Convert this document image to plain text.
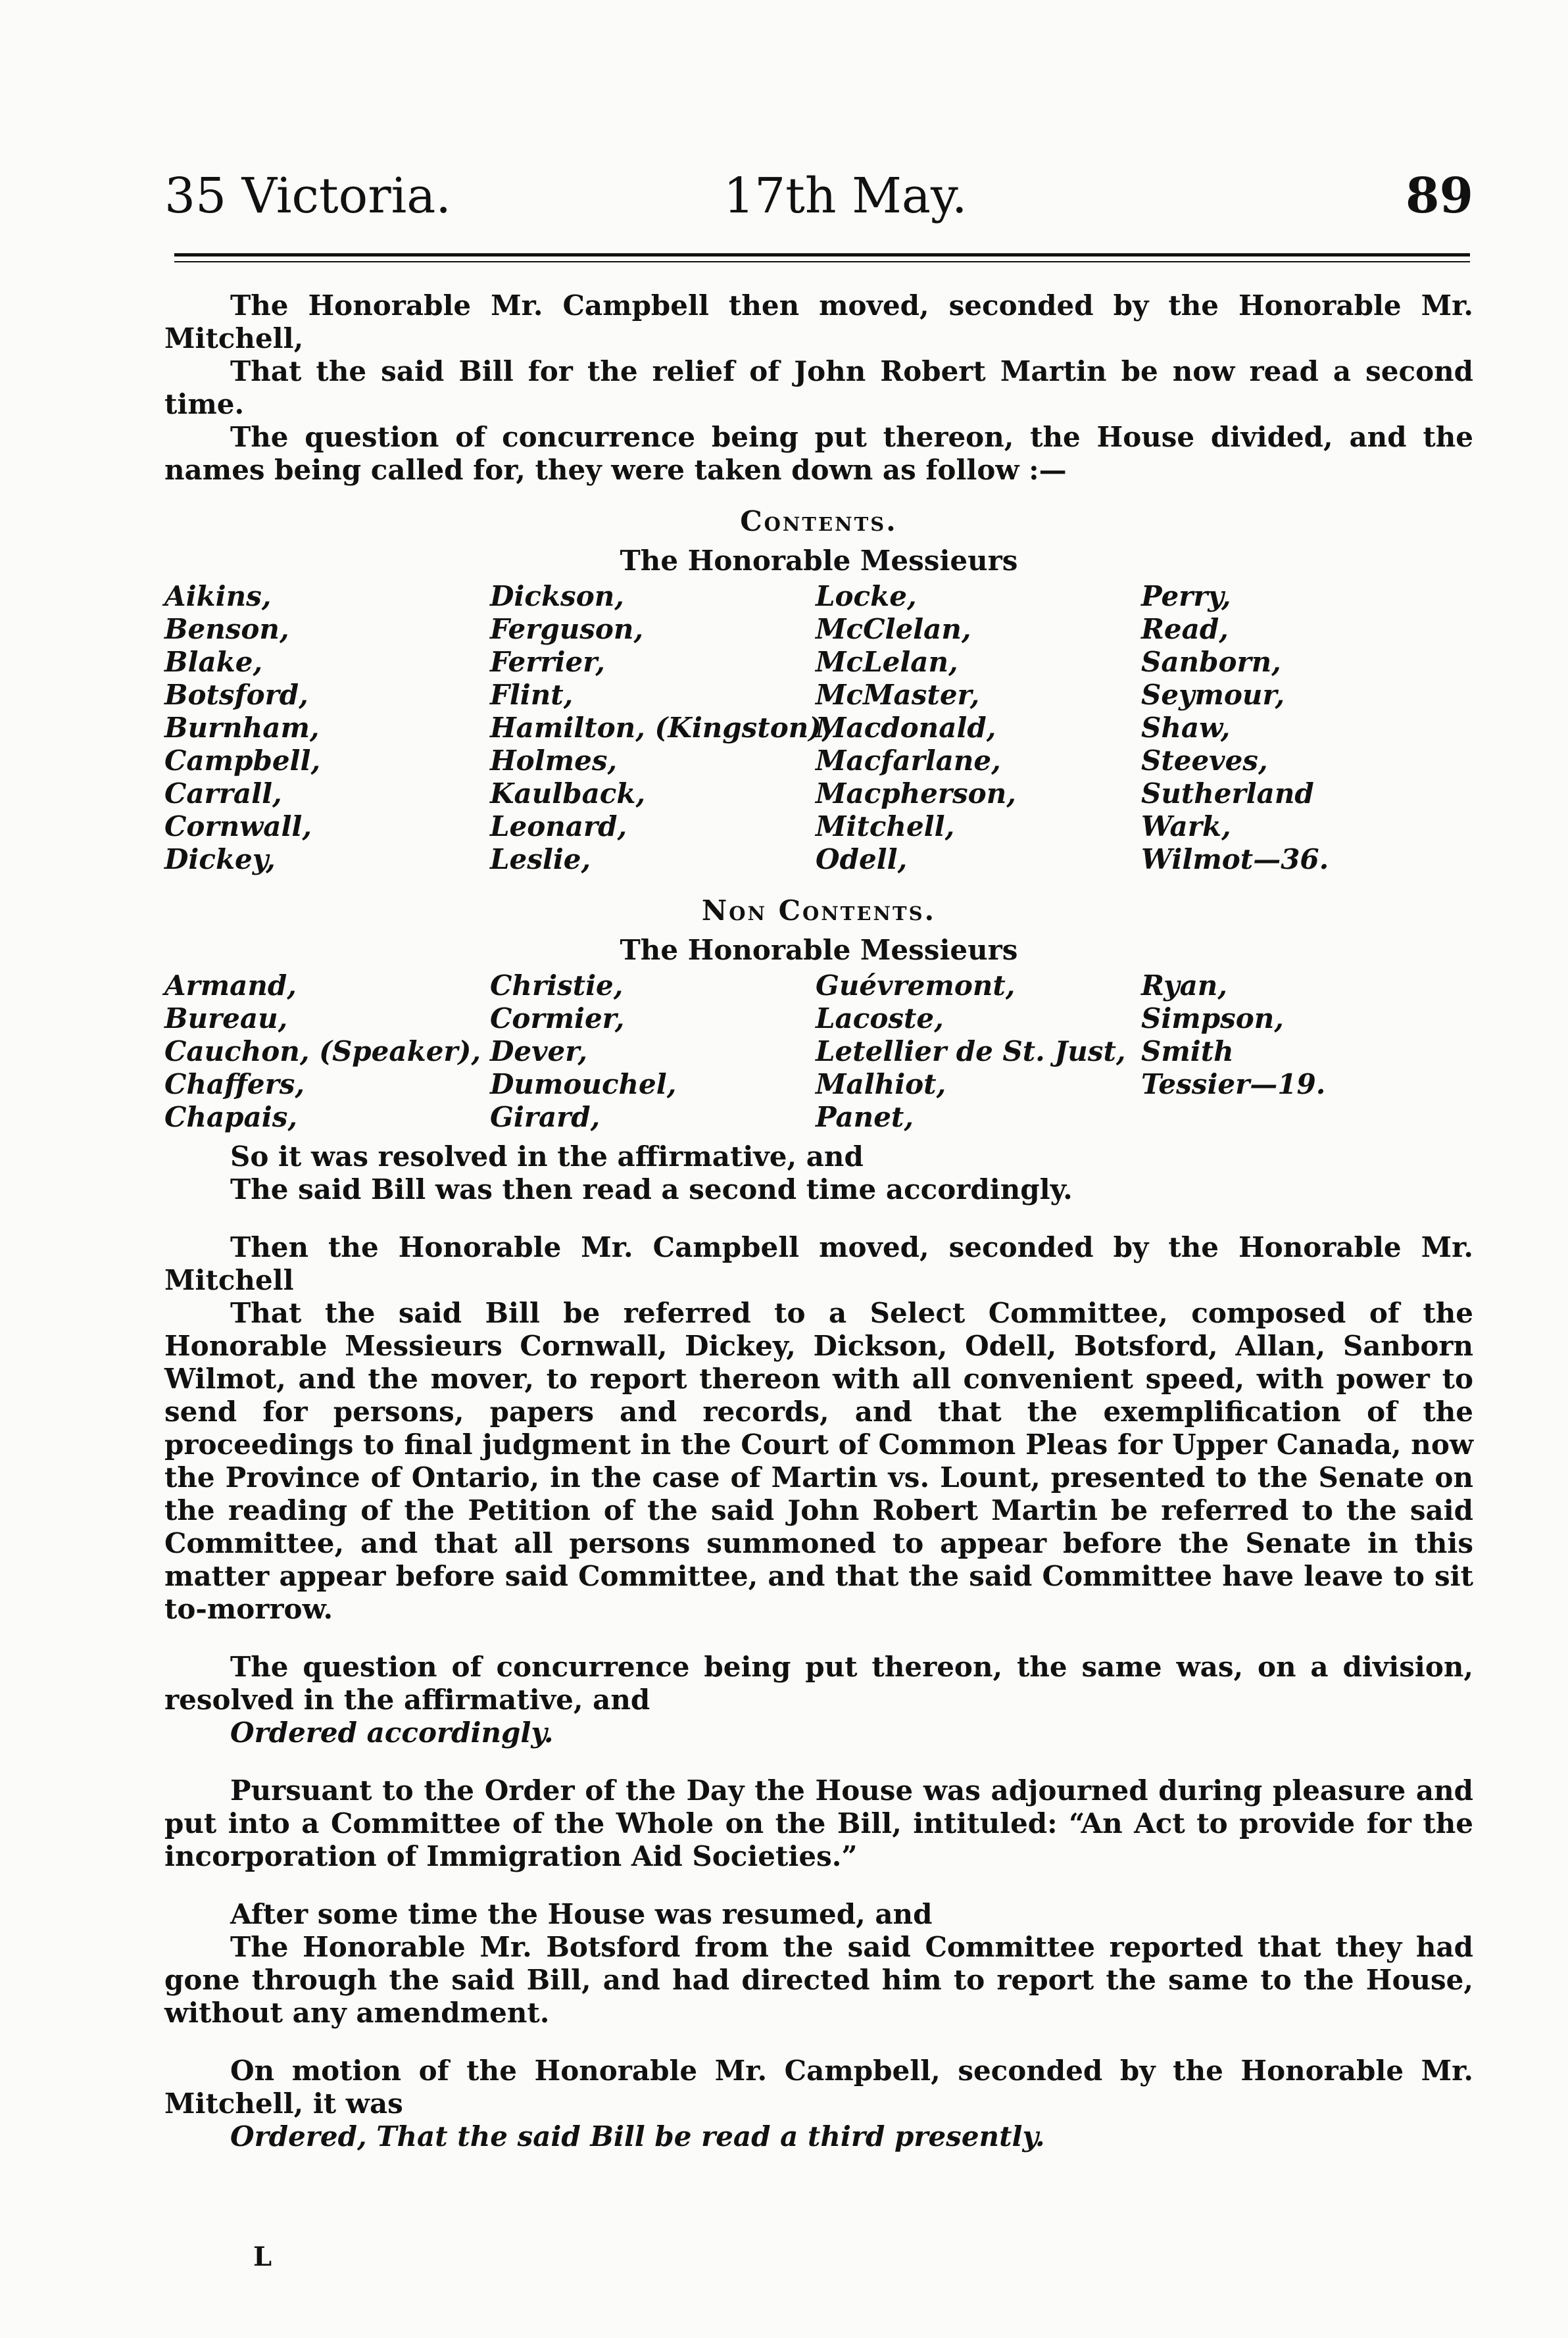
35 Victoria.	17th May.	89

The Honorable Mr. Campbell then moved, seconded by the Honorable Mr. Mitchell,

That the said Bill for the relief of John Robert Martin be now read a second time.

The question of concurrence being put thereon, the House divided, and the names being called for, they were taken down as follow :—

Contents.

The Honorable Messieurs

Aikins,
Benson,
Blake,
Botsford,
Burnham,
Campbell,
Carrall,
Cornwall,
Dickey,
Dickson,
Ferguson,
Ferrier,
Flint,
Hamilton, (Kingston),
Holmes,
Kaulback,
Leonard,
Leslie,
Locke,
McClelan,
McLelan,
McMaster,
Macdonald,
Macfarlane,
Macpherson,
Mitchell,
Odell,
Perry,
Read,
Sanborn,
Seymour,
Shaw,
Steeves,
Sutherland
Wark,
Wilmot—36.

Non Contents.

The Honorable Messieurs

Armand,
Bureau,
Cauchon, (Speaker),
Chaffers,
Chapais,
Christie,
Cormier,
Dever,
Dumouchel,
Girard,
Guévremont,
Lacoste,
Letellier de St. Just,
Malhiot,
Panet,
Ryan,
Simpson,
Smith
Tessier—19.

So it was resolved in the affirmative, and

The said Bill was then read a second time accordingly.

Then the Honorable Mr. Campbell moved, seconded by the Honorable Mr. Mitchell

That the said Bill be referred to a Select Committee, composed of the Honorable Messieurs Cornwall, Dickey, Dickson, Odell, Botsford, Allan, Sanborn Wilmot, and the mover, to report thereon with all convenient speed, with power to send for persons, papers and records, and that the exemplification of the proceedings to final judgment in the Court of Common Pleas for Upper Canada, now the Province of Ontario, in the case of Martin vs. Lount, presented to the Senate on the reading of the Petition of the said John Robert Martin be referred to the said Committee, and that all persons summoned to appear before the Senate in this matter appear before said Committee, and that the said Committee have leave to sit to-morrow.

The question of concurrence being put thereon, the same was, on a division, resolved in the affirmative, and

Ordered accordingly.

Pursuant to the Order of the Day the House was adjourned during pleasure and put into a Committee of the Whole on the Bill, intituled: “An Act to provide for the incorporation of Immigration Aid Societies.”

After some time the House was resumed, and

The Honorable Mr. Botsford from the said Committee reported that they had gone through the said Bill, and had directed him to report the same to the House, without any amendment.

On motion of the Honorable Mr. Campbell, seconded by the Honorable Mr. Mitchell, it was

Ordered, That the said Bill be read a third presently.

L
